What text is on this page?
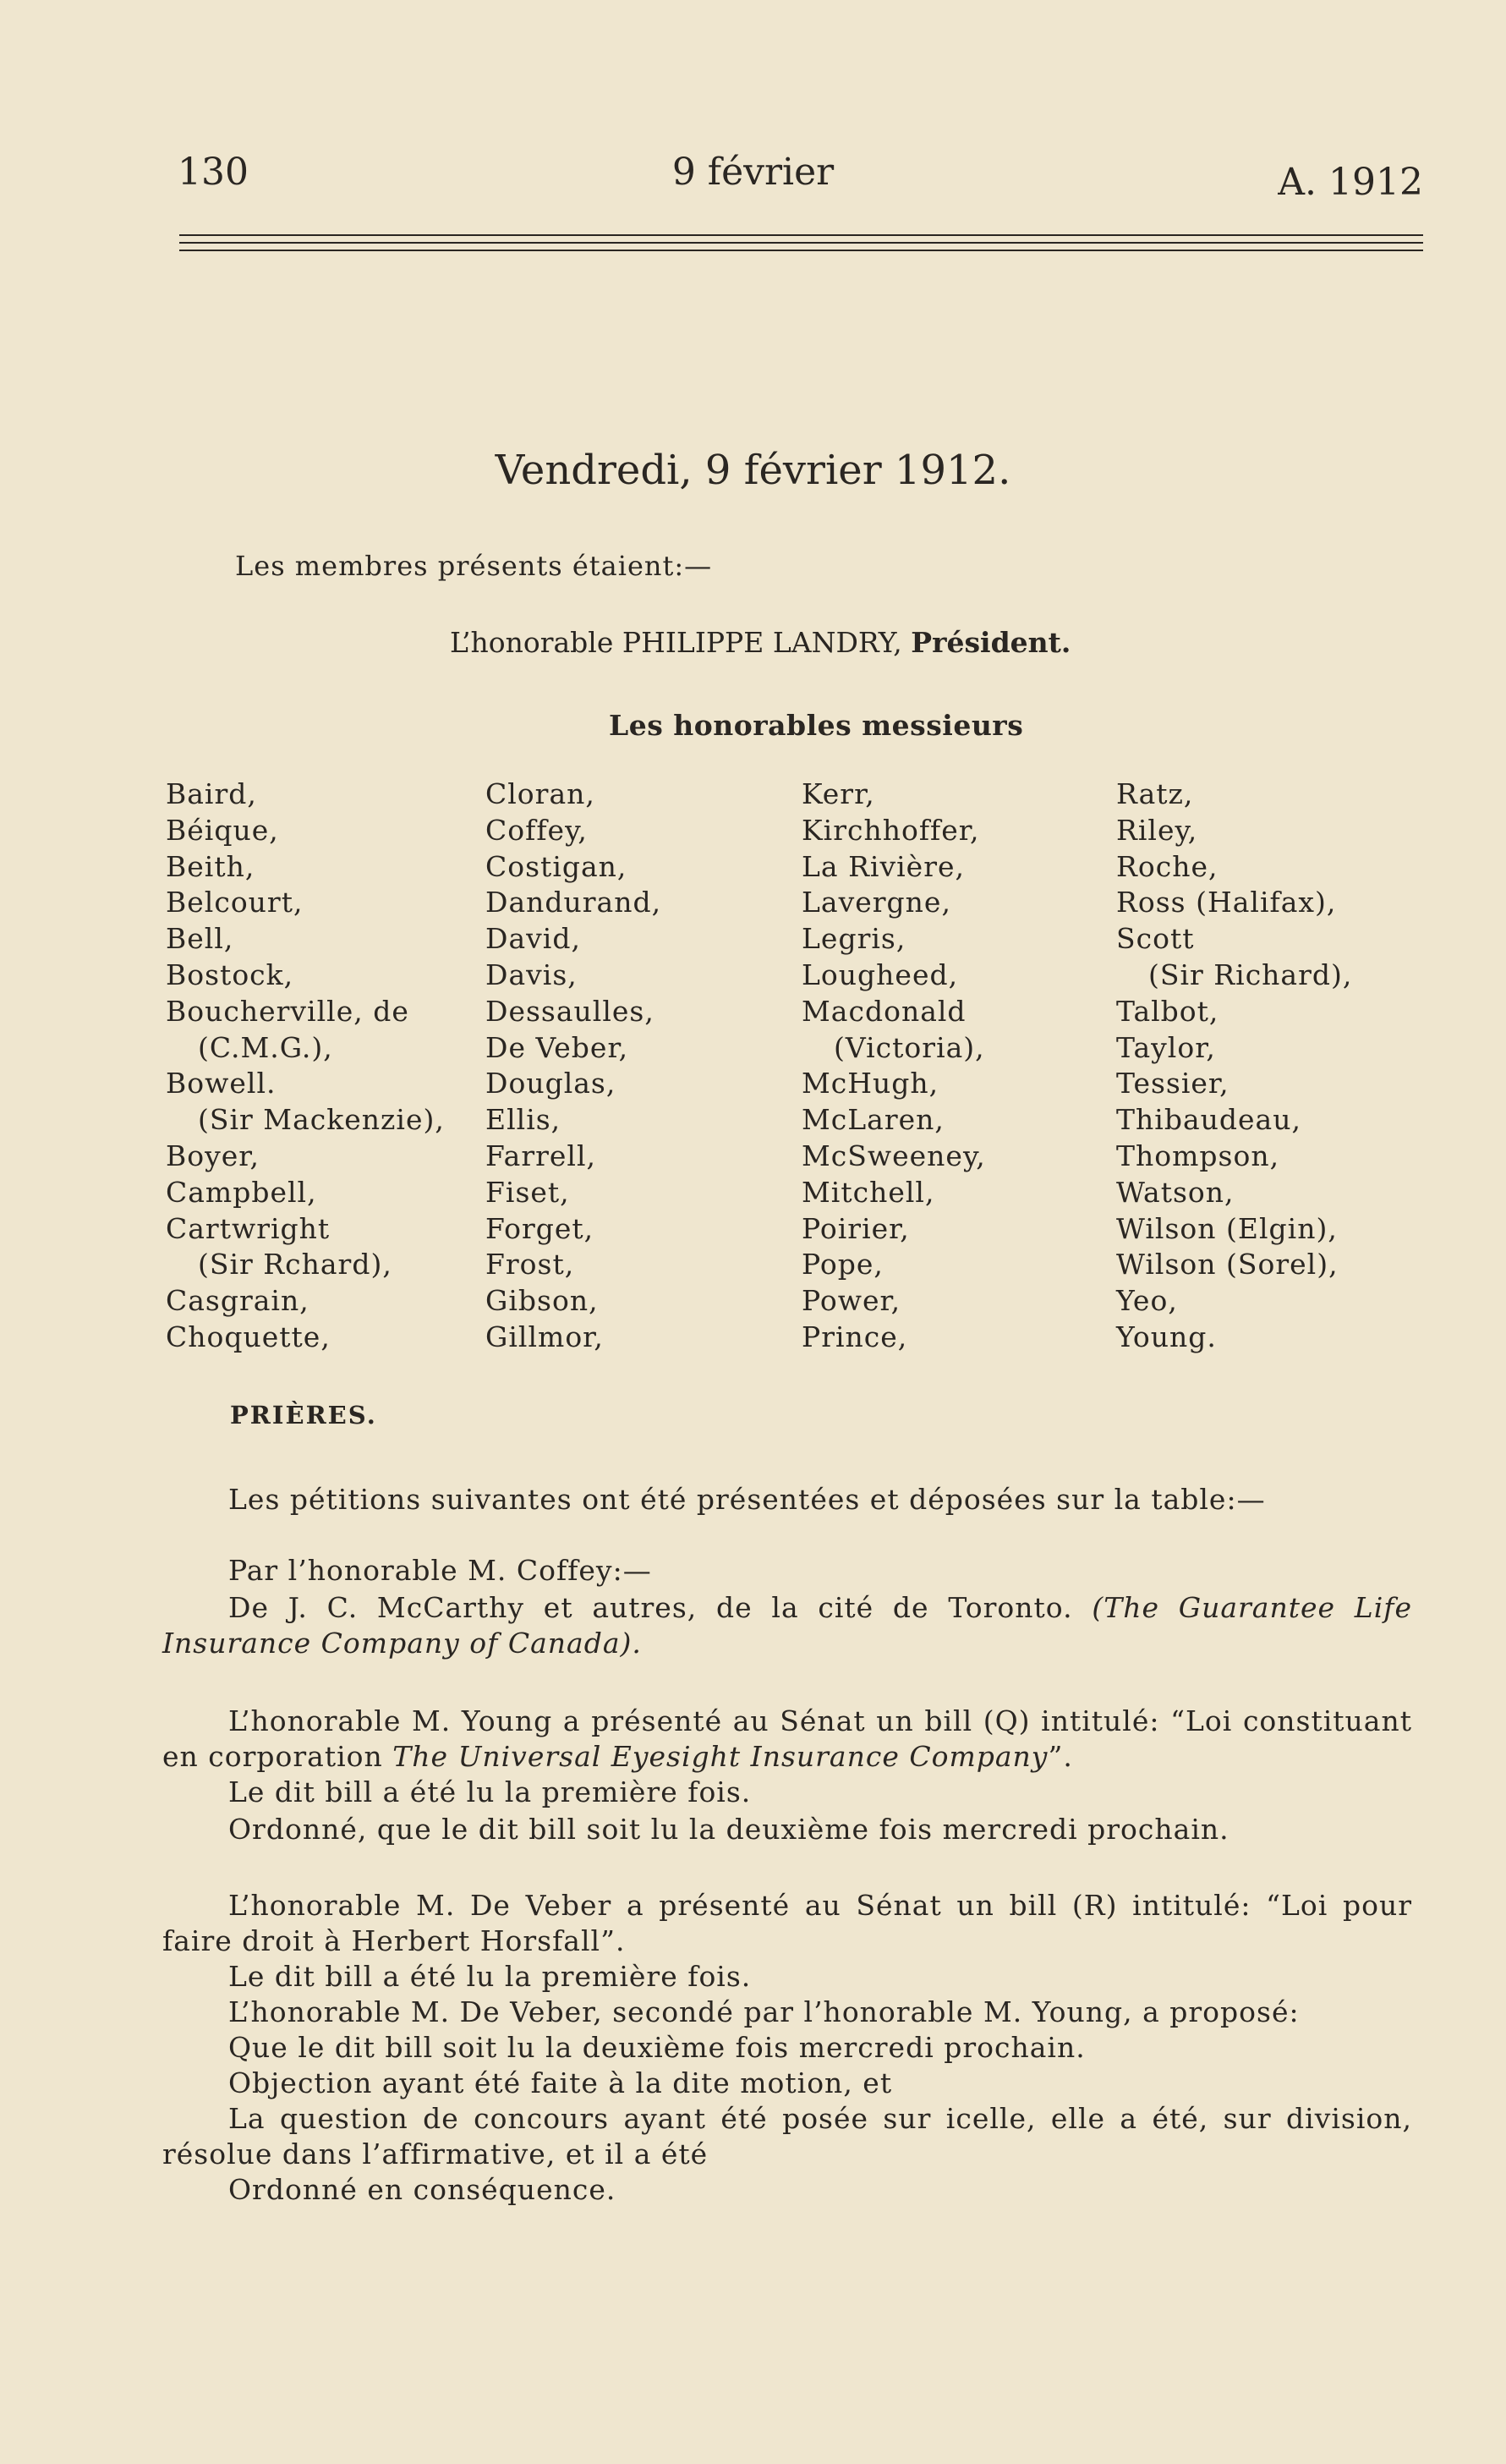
130	9 février	A. 1912
Vendredi, 9 février 1912.
Les membres présents étaient:—
L’honorable PHILIPPE LANDRY, Président.
Les honorables messieurs
Baird,
Béique,
Beith,
Belcourt,
Bell,
Bostock,
Boucherville, de
(C.M.G.),
Bowell.
(Sir Mackenzie),
Boyer,
Campbell,
Cartwright
(Sir Rchard),
Casgrain,
Choquette,
Cloran,
Coffey,
Costigan,
Dandurand,
David,
Davis,
Dessaulles,
De Veber,
Douglas,
Ellis,
Farrell,
Fiset,
Forget,
Frost,
Gibson,
Gillmor,
Kerr,
Kirchhoffer,
La Rivière,
Lavergne,
Legris,
Lougheed,
Macdonald
(Victoria),
McHugh,
McLaren,
McSweeney,
Mitchell,
Poirier,
Pope,
Power,
Prince,
Ratz,
Riley,
Roche,
Ross (Halifax),
Scott
(Sir Richard),
Talbot,
Taylor,
Tessier,
Thibaudeau,
Thompson,
Watson,
Wilson (Elgin),
Wilson (Sorel),
Yeo,
Young.
PRIÈRES.
Les pétitions suivantes ont été présentées et déposées sur la table:—
Par l’honorable M. Coffey:—
De J. C. McCarthy et autres, de la cité de Toronto. (The Guarantee Life Insurance Company of Canada).
L’honorable M. Young a présenté au Sénat un bill (Q) intitulé: “Loi constituant en corporation The Universal Eyesight Insurance Company”.
Le dit bill a été lu la première fois.
Ordonné, que le dit bill soit lu la deuxième fois mercredi prochain.
L’honorable M. De Veber a présenté au Sénat un bill (R) intitulé: “Loi pour faire droit à Herbert Horsfall”.
Le dit bill a été lu la première fois.
L’honorable M. De Veber, secondé par l’honorable M. Young, a proposé:
Que le dit bill soit lu la deuxième fois mercredi prochain.
Objection ayant été faite à la dite motion, et
La question de concours ayant été posée sur icelle, elle a été, sur division, résolue dans l’affirmative, et il a été
Ordonné en conséquence.
